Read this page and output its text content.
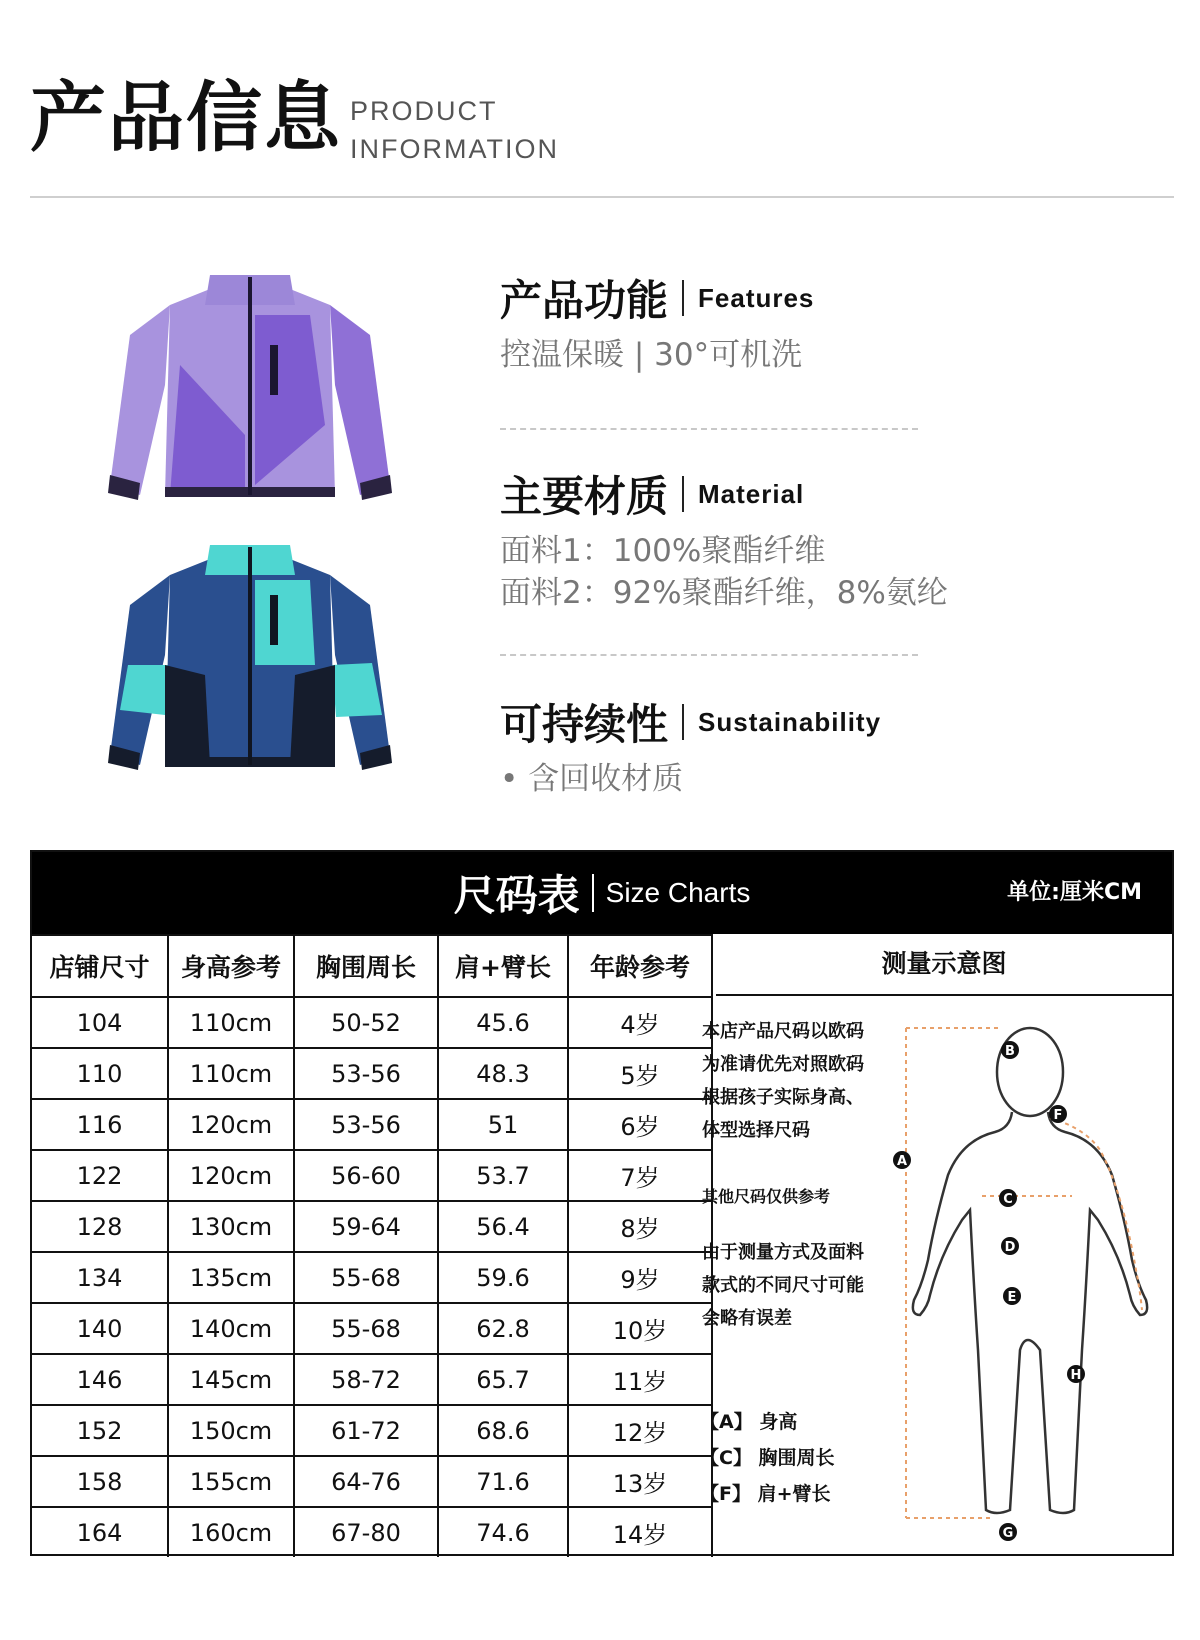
产品信息 PRODUCT
INFORMATION
产品功能 Features
控温保暖 | 30°可机洗
主要材质 Material
面料1：100%聚酯纤维
面料2：92%聚酯纤维，8%氨纶
可持续性 Sustainability
• 含回收材质
尺码表 Size Charts	单位:厘米CM
店铺尺寸	身高参考	胸围周长	肩+臂长	年龄参考
104	110cm	50-52	45.6	4岁
110	110cm	53-56	48.3	5岁
116	120cm	53-56	51	6岁
122	120cm	56-60	53.7	7岁
128	130cm	59-64	56.4	8岁
134	135cm	55-68	59.6	9岁
140	140cm	55-68	62.8	10岁
146	145cm	58-72	65.7	11岁
152	150cm	61-72	68.6	12岁
158	155cm	64-76	71.6	13岁
164	160cm	67-80	74.6	14岁
测量示意图
本店产品尺码以欧码
为准请优先对照欧码
根据孩子实际身高、
体型选择尺码
其他尺码仅供参考
由于测量方式及面料
款式的不同尺寸可能
会略有误差
【A】 身高
【C】 胸围周长
【F】 肩+臂长
A
B
C
D
E
F
G
H
